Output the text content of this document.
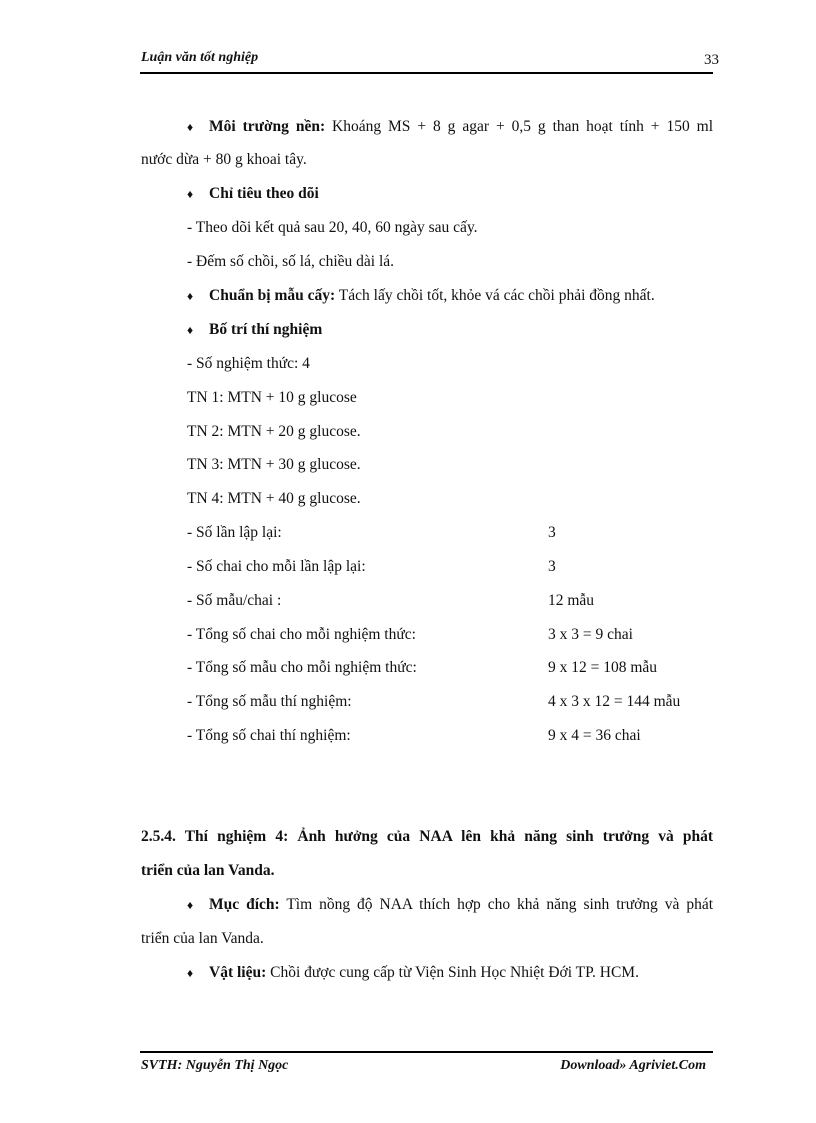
Luận văn tốt nghiệp	33
♦ Môi trường nền: Khoáng MS + 8 g agar + 0,5 g than hoạt tính + 150 ml
nước dừa + 80 g khoai tây.
♦ Chỉ tiêu theo dõi
- Theo dõi kết quả sau 20, 40, 60 ngày sau cấy.
- Đếm số chồi, số lá, chiều dài lá.
♦ Chuẩn bị mẫu cấy: Tách lấy chồi tốt, khỏe vá các chồi phải đồng nhất.
♦ Bố trí thí nghiệm
- Số nghiệm thức: 4
TN 1: MTN + 10 g glucose
TN 2: MTN + 20 g glucose.
TN 3: MTN + 30 g glucose.
TN 4: MTN + 40 g glucose.
- Số lần lập lại:	3
- Số chai cho mỗi lần lập lại:	3
- Số mẫu/chai :	12 mẫu
- Tổng số chai cho mỗi nghiệm thức:	3 x 3 = 9 chai
- Tổng số mẫu cho mỗi nghiệm thức:	9 x 12 = 108 mẫu
- Tổng số mẫu thí nghiệm:	4 x 3 x 12 = 144 mẫu
- Tổng số chai thí nghiệm:	9 x 4 = 36 chai
2.5.4. Thí nghiệm 4: Ảnh hưởng của NAA lên khả năng sinh trưởng và phát
triển của lan Vanda.
♦ Mục đích: Tìm nồng độ NAA thích hợp cho khả năng sinh trưởng và phát
triển của lan Vanda.
♦ Vật liệu: Chồi được cung cấp từ Viện Sinh Học Nhiệt Đới TP. HCM.
SVTH: Nguyễn Thị Ngọc	Download» Agriviet.Com
